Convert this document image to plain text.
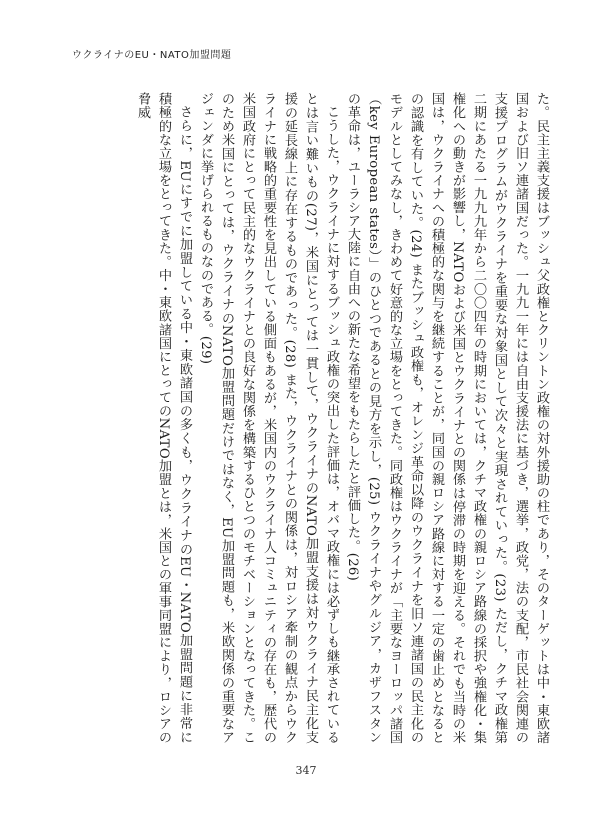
ウクライナのEU・NATO加盟問題

た。民主主義支援はブッシュ父政権とクリントン政権の対外援助の柱であり，そのターゲットは中・東欧諸国および旧ソ連諸国だった。一九九一年には自由支援法に基づき，選挙，政党，法の支配，市民社会関連の支援プログラムがウクライナを重要な対象国として次々と実現されていった。(23) ただし，クチマ政権第二期にあたる一九九九年から二〇〇四年の時期においては，クチマ政権の親ロシア路線の採択や強権化・集権化への動きが影響し，NATOおよび米国とウクライナとの関係は停滞の時期を迎える。それでも当時の米国は，ウクライナへの積極的な関与を継続することが，同国の親ロシア路線に対する一定の歯止めとなるとの認識を有していた。(24) またブッシュ政権も，オレンジ革命以降のウクライナを旧ソ連諸国の民主化のモデルとしてみなし，きわめて好意的な立場をとってきた。同政権はウクライナが「主要なヨーロッパ諸国（key European states）」のひとつであるとの見方を示し，(25) ウクライナやグルジア，カザフスタンの革命は，ユーラシア大陸に自由への新たな希望をもたらしたと評価した。(26)

こうした，ウクライナに対するブッシュ政権の突出した評価は，オバマ政権には必ずしも継承されているとは言い難いもの(27)，米国にとっては一貫して，ウクライナのNATO加盟支援は対ウクライナ民主化支援の延長線上に存在するものであった。(28) また，ウクライナとの関係は，対ロシア牽制の観点からウクライナに戦略的重要性を見出している側面もあるが，米国内のウクライナ人コミュニティの存在も，歴代の米国政府にとって民主的なウクライナとの良好な関係を構築するひとつのモチベーションとなってきた。このため米国にとっては，ウクライナのNATO加盟問題だけではなく，EU加盟問題も，米欧関係の重要なアジェンダに挙げられるものなのである。(29)

さらに，EUにすでに加盟している中・東欧諸国の多くも，ウクライナのEU・NATO加盟問題に非常に積極的な立場をとってきた。中・東欧諸国にとってのNATO加盟とは，米国との軍事同盟により，ロシアの脅威

347
